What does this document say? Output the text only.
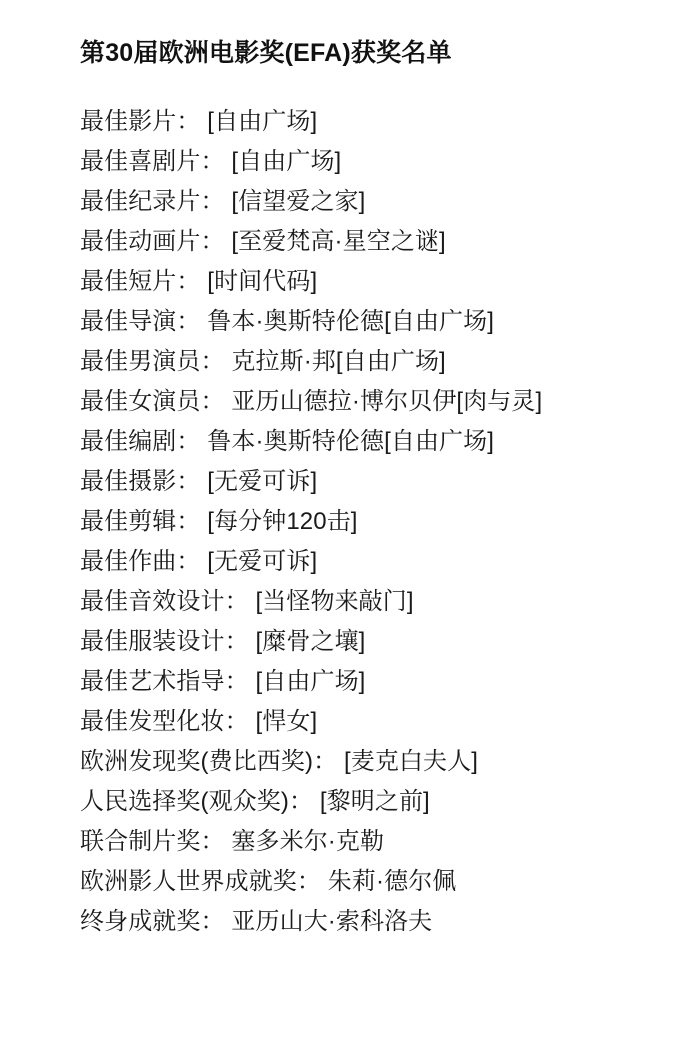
第30届欧洲电影奖(EFA)获奖名单
最佳影片： [自由广场]
最佳喜剧片： [自由广场]
最佳纪录片： [信望爱之家]
最佳动画片： [至爱梵高·星空之谜]
最佳短片： [时间代码]
最佳导演： 鲁本·奥斯特伦德[自由广场]
最佳男演员： 克拉斯·邦[自由广场]
最佳女演员： 亚历山德拉·博尔贝伊[肉与灵]
最佳编剧： 鲁本·奥斯特伦德[自由广场]
最佳摄影： [无爱可诉]
最佳剪辑： [每分钟120击]
最佳作曲： [无爱可诉]
最佳音效设计： [当怪物来敲门]
最佳服装设计： [糜骨之壤]
最佳艺术指导： [自由广场]
最佳发型化妆： [悍女]
欧洲发现奖(费比西奖)： [麦克白夫人]
人民选择奖(观众奖)： [黎明之前]
联合制片奖： 塞多米尔·克勒
欧洲影人世界成就奖： 朱莉·德尔佩
终身成就奖： 亚历山大·索科洛夫
